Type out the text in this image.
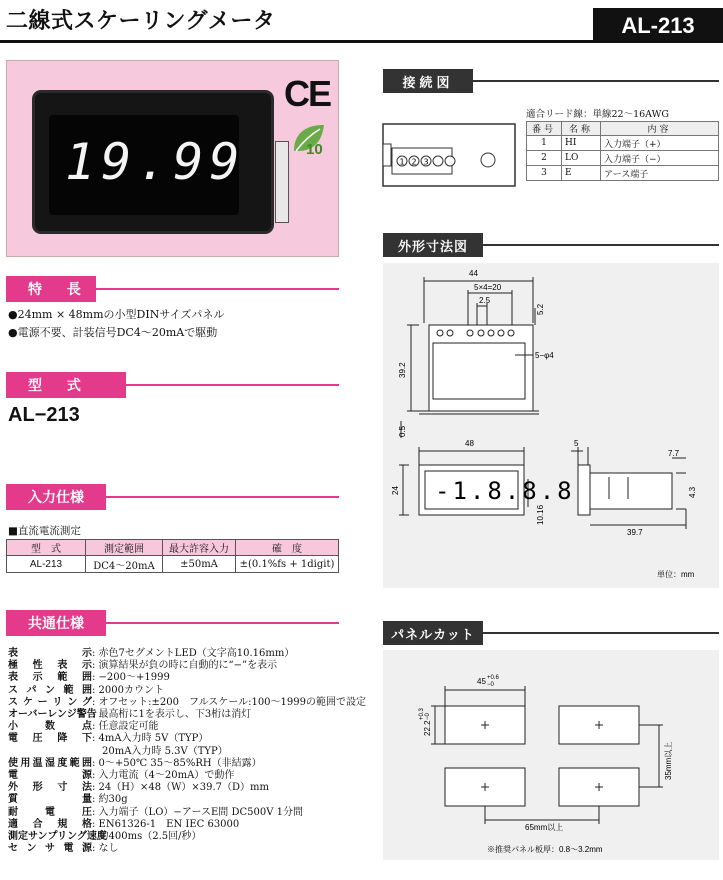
二線式スケーリングメータ	AL-213
19.99
CE
10
特 長
●24mm × 48mmの小型DINサイズパネル
●電源不要、計装信号DC4～20mAで駆動
型 式
AL−213
入力仕様
■直流電流測定
型　式	測定範囲	最大許容入力	確　度
AL-213	DC4～20mA	±50mA	±(0.1%fs + 1digit)
共通仕様
表示 : 赤色7セグメントLED（文字高10.16mm）
極性表示 : 演算結果が負の時に自動的に“−”を表示
表示範囲 : −200～+1999
スパン範囲 : 2000カウント
スケーリング : オフセット:±200　フルスケール:100～1999の範囲で設定
オーバーレンジ警告
: 最高桁に1を表示し、下3桁は消灯
小数点 : 任意設定可能
電圧降下 : 4mA入力時 5V（TYP）
　20mA入力時 5.3V（TYP）
使用温湿度範囲 : 0～+50℃ 35～85%RH（非結露）
電源 : 入力電流（4～20mA）で動作
外形寸法 : 24（H）×48（W）×39.7（D）mm
質量 : 約30g
耐電圧 : 入力端子（LO）−アースE間 DC500V 1分間
適合規格 : EN61326-1　EN IEC 63000
測定サンプリング速度
: 約400ms（2.5回/秒）
センサ電源 : なし
接続図
適合リード線：単線22～16AWG
1 2 3
番号	名称	内容
1	HI	入力端子（+）
2	LO	入力端子（−）
3	E	アース端子
外形寸法図
44
5×4=20
2.5
5.2
5−φ4
39.2
0.5
48
24
10.16
5
7.7
4.3
39.7
-1.8.8.8
単位：mm
パネルカット
45 +0.6
−0
22.2
+0.3 −0
35mm以上
65mm以上
※推奨パネル板厚：0.8～3.2mm
